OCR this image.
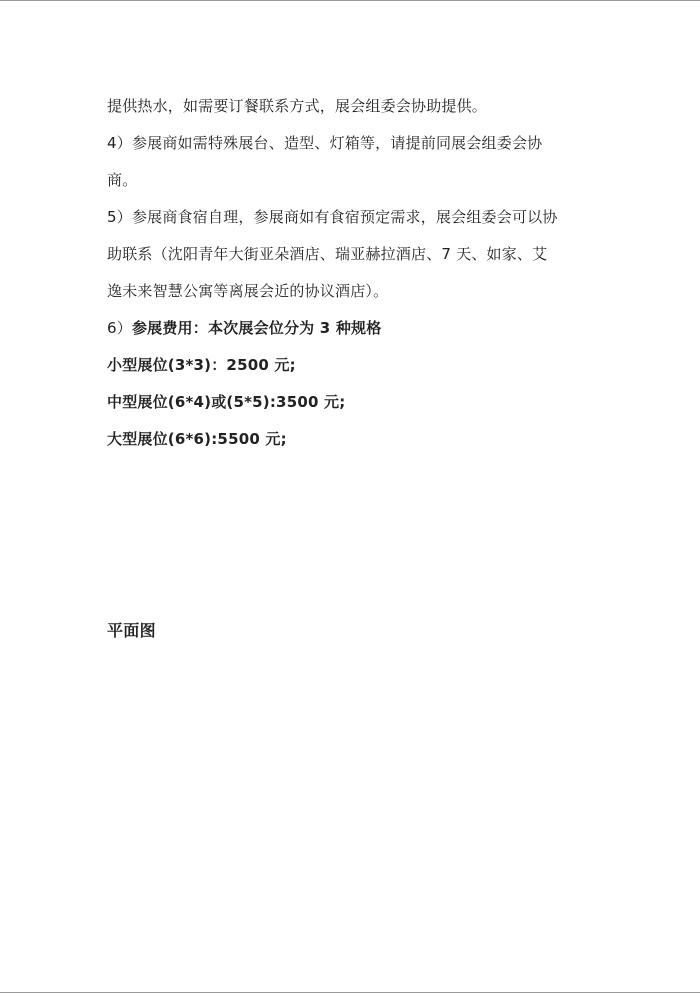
提供热水，如需要订餐联系方式，展会组委会协助提供。
4）参展商如需特殊展台、造型、灯箱等，请提前同展会组委会协
商。
5）参展商食宿自理，参展商如有食宿预定需求，展会组委会可以协
助联系（沈阳青年大街亚朵酒店、瑞亚赫拉酒店、7 天、如家、艾
逸未来智慧公寓等离展会近的协议酒店）。
6）参展费用：本次展会位分为 3 种规格
小型展位(3*3)：2500 元;
中型展位(6*4)或(5*5):3500 元;
大型展位(6*6):5500 元;
平面图
